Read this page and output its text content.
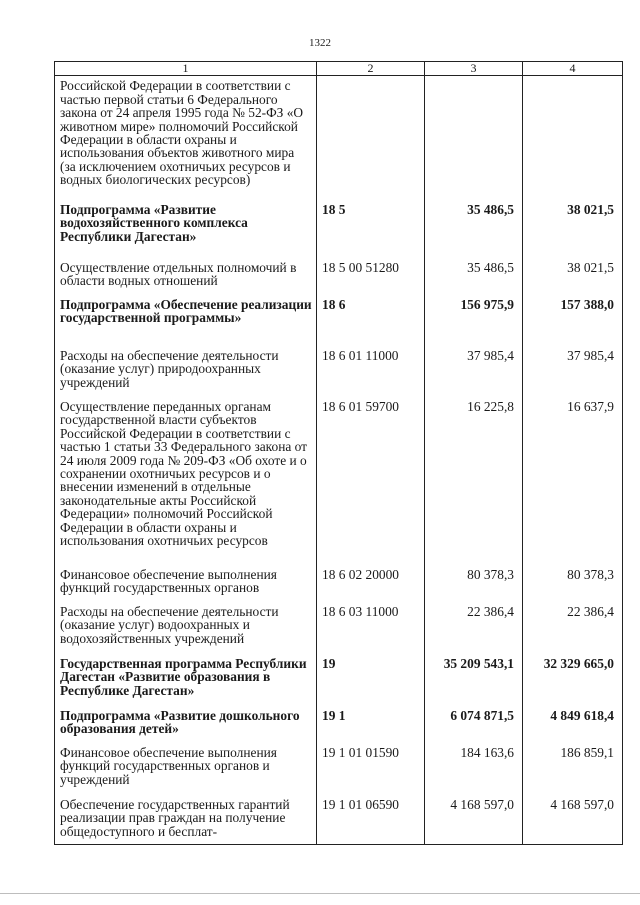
1322
1	2	3	4
Российской Федерации в соответствии с частью первой статьи 6 Федерального закона от 24 апреля 1995 года № 52-ФЗ «О животном мире» полномочий Российской Федерации в области охраны и использования объектов животного мира (за исключением охотничьих ресурсов и водных биологических ресурсов)			
Подпрограмма «Развитие водохозяйственного комплекса Республики Дагестан»	18 5	35 486,5	38 021,5
Осуществление отдельных полномочий в области водных отношений	18 5 00 51280	35 486,5	38 021,5
Подпрограмма «Обеспечение реализации государственной программы»	18 6	156 975,9	157 388,0
Расходы на обеспечение деятельности (оказание услуг) природоохранных учреждений	18 6 01 11000	37 985,4	37 985,4
Осуществление переданных органам государственной власти субъектов Российской Федерации в соответствии с частью 1 статьи 33 Федерального закона от 24 июля 2009 года № 209-ФЗ «Об охоте и о сохранении охотничьих ресурсов и о внесении изменений в отдельные законодательные акты Российской Федерации» полномочий Российской Федерации в области охраны и использования охотничьих ресурсов	18 6 01 59700	16 225,8	16 637,9
Финансовое обеспечение выполнения функций государственных органов	18 6 02 20000	80 378,3	80 378,3
Расходы на обеспечение деятельности (оказание услуг) водоохранных и водохозяйственных учреждений	18 6 03 11000	22 386,4	22 386,4
Государственная программа Республики Дагестан «Развитие образования в Республике Дагестан»	19	35 209 543,1	32 329 665,0
Подпрограмма «Развитие дошкольного образования детей»	19 1	6 074 871,5	4 849 618,4
Финансовое обеспечение выполнения функций государственных органов и учреждений	19 1 01 01590	184 163,6	186 859,1
Обеспечение государственных гарантий реализации прав граждан на получение общедоступного и бесплат-	19 1 01 06590	4 168 597,0	4 168 597,0
